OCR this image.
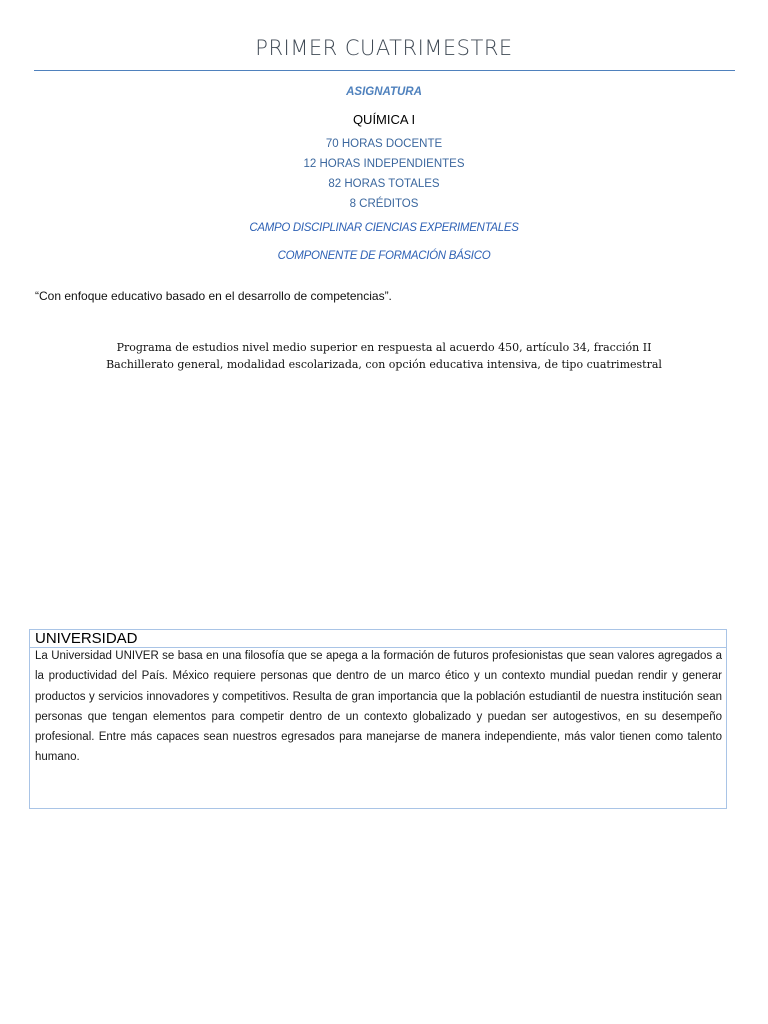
PRIMER CUATRIMESTRE
ASIGNATURA
QUÍMICA I
70 HORAS DOCENTE
12 HORAS INDEPENDIENTES
82 HORAS TOTALES
8 CRÉDITOS
CAMPO DISCIPLINAR CIENCIAS EXPERIMENTALES
COMPONENTE DE FORMACIÓN BÁSICO
“Con enfoque educativo basado en el desarrollo de competencias”.
Programa de estudios nivel medio superior en respuesta al acuerdo 450, artículo 34, fracción II
Bachillerato general, modalidad escolarizada, con opción educativa intensiva, de tipo cuatrimestral
UNIVERSIDAD
La Universidad UNIVER se basa en una filosofía que se apega a la formación de futuros profesionistas que sean valores agregados a la productividad del País. México requiere personas que dentro de un marco ético y un contexto mundial puedan rendir y generar productos y servicios innovadores y competitivos. Resulta de gran importancia que la población estudiantil de nuestra institución sean personas que tengan elementos para competir dentro de un contexto globalizado y puedan ser autogestivos, en su desempeño profesional. Entre más capaces sean nuestros egresados para manejarse de manera independiente, más valor tienen como talento humano.
